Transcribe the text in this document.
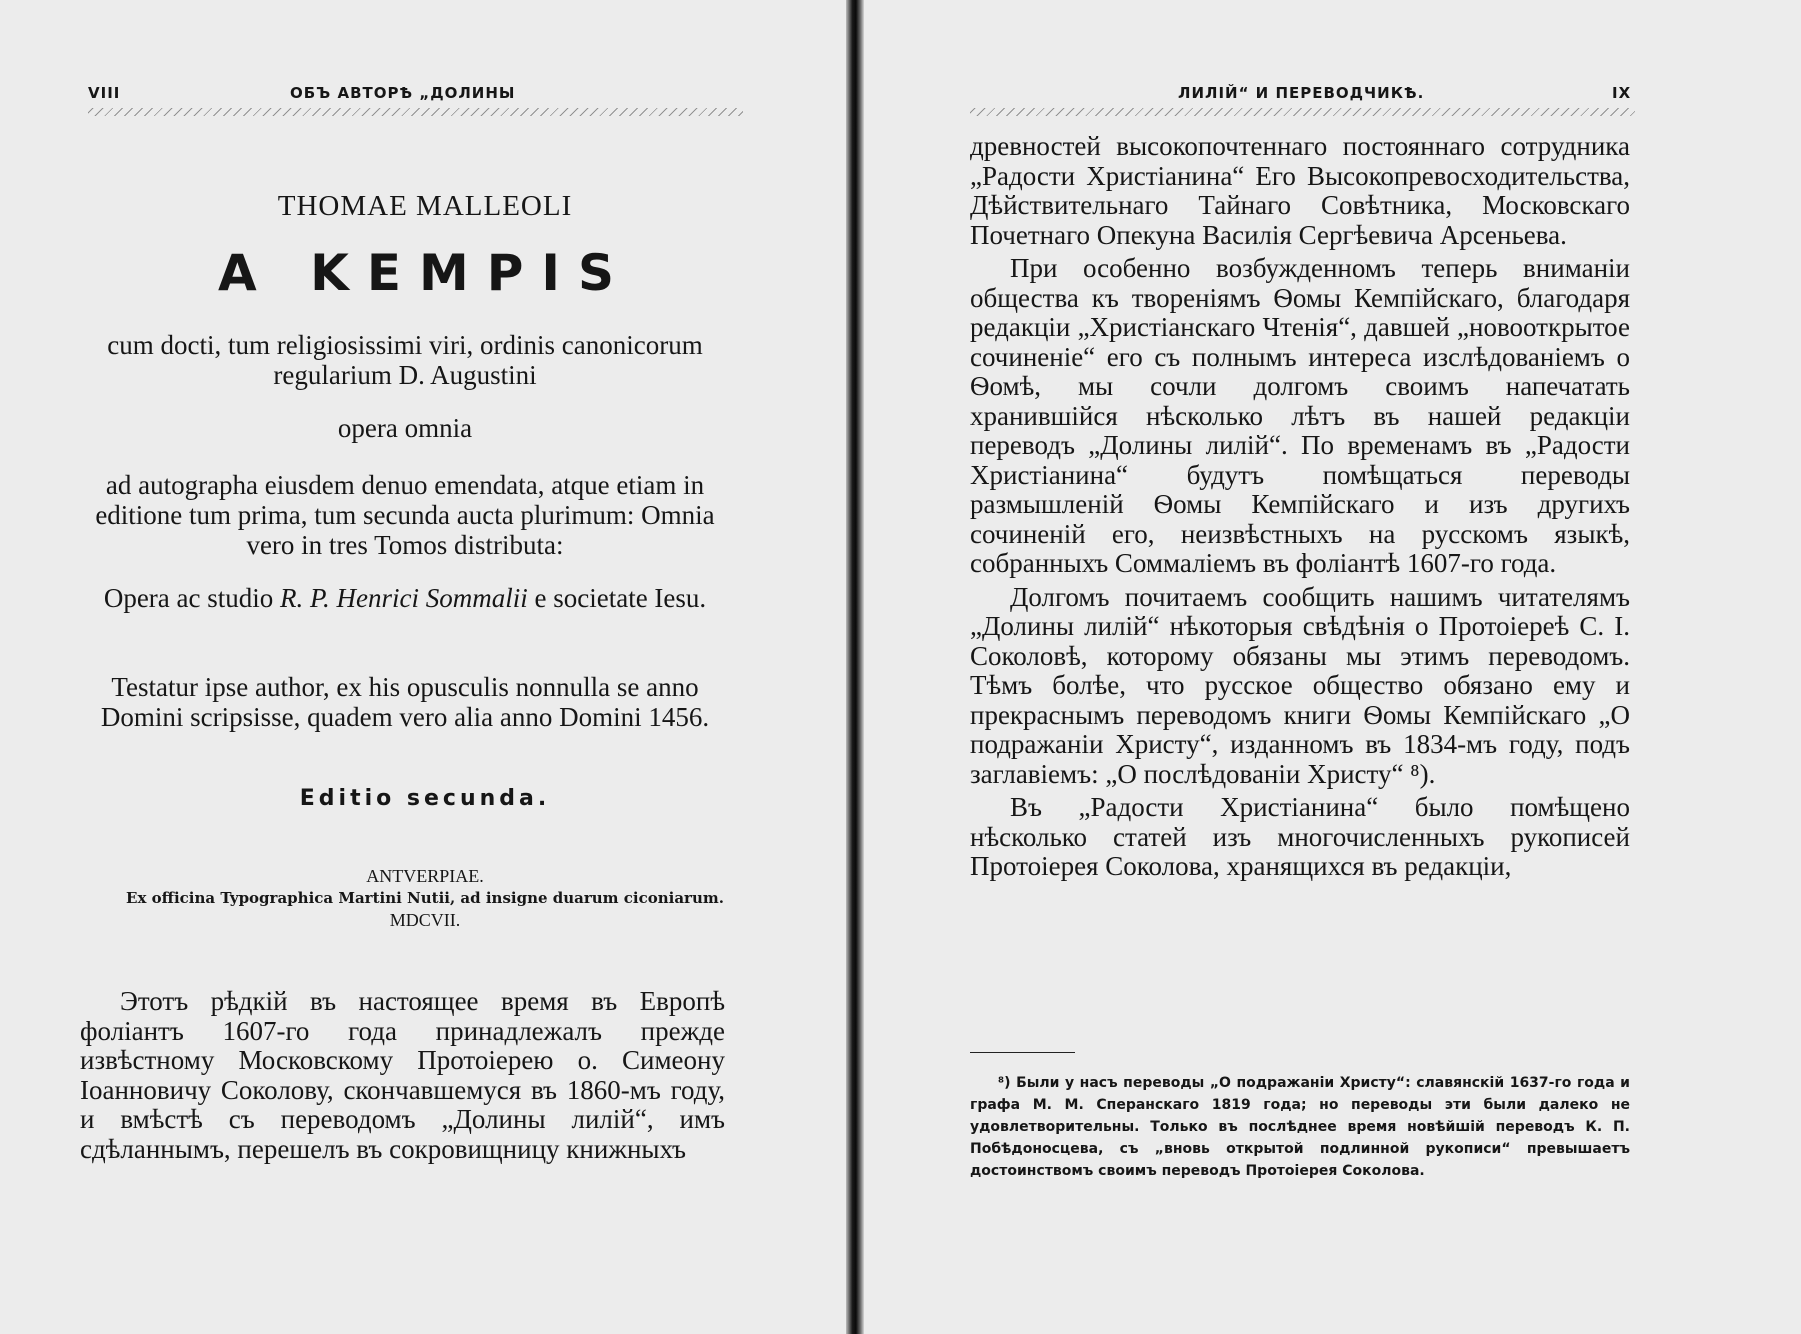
VIII	ОБЪ АВТОРѢ „ДОЛИНЫ
THOMAE MALLEOLI
A KEMPIS
cum docti, tum religiosissimi viri, ordinis canonicorum regularium D. Augustini
opera omnia
ad autographa eiusdem denuo emendata, atque etiam in editione tum prima, tum secunda aucta plurimum: Omnia vero in tres Tomos distributa:
Opera ac studio R. P. Henrici Sommalii e societate Iesu.
Testatur ipse author, ex his opusculis nonnulla se anno Domini scripsisse, quadem vero alia anno Domini 1456.
Editio secunda.
ANTVERPIAE.
Ex officina Typographica Martini Nutii, ad insigne duarum ciconiarum.
MDCVII.

Этотъ рѣдкій въ настоящее время въ Европѣ фоліантъ 1607-го года принадлежалъ прежде извѣстному Московскому Протоіерею о. Симеону Іоанновичу Соколову, скончавшемуся въ 1860-мъ году, и вмѣстѣ съ переводомъ „Долины лилій“, имъ сдѣланнымъ, перешелъ въ сокровищницу книжныхъ

ЛИЛІЙ“ И ПЕРЕВОДЧИКѢ.	IX

древностей высокопочтеннаго постояннаго сотрудника „Радости Христіанина“ Его Высокопревосходительства, Дѣйствительнаго Тайнаго Совѣтника, Московскаго Почетнаго Опекуна Василія Сергѣевича Арсеньева.

При особенно возбужденномъ теперь вниманіи общества къ твореніямъ Ѳомы Кемпійскаго, благодаря редакціи „Христіанскаго Чтенія“, давшей „новооткрытое сочиненіе“ его съ полнымъ интереса изслѣдованіемъ о Ѳомѣ, мы сочли долгомъ своимъ напечатать хранившійся нѣсколько лѣтъ въ нашей редакціи переводъ „Долины лилій“. По временамъ въ „Радости Христіанина“ будутъ помѣщаться переводы размышленій Ѳомы Кемпійскаго и изъ другихъ сочиненій его, неизвѣстныхъ на русскомъ языкѣ, собранныхъ Соммаліемъ въ фоліантѣ 1607-го года.

Долгомъ почитаемъ сообщить нашимъ читателямъ „Долины лилій“ нѣкоторыя свѣдѣнія о Протоіереѣ С. І. Соколовѣ, которому обязаны мы этимъ переводомъ. Тѣмъ болѣе, что русское общество обязано ему и прекраснымъ переводомъ книги Ѳомы Кемпійскаго „О подражаніи Христу“, изданномъ въ 1834-мъ году, подъ заглавіемъ: „О послѣдованіи Христу“ ⁸).

Въ „Радости Христіанина“ было помѣщено нѣсколько статей изъ многочисленныхъ рукописей Протоіерея Соколова, хранящихся въ редакціи,

⁸) Были у насъ переводы „О подражаніи Христу“: славянскій 1637-го года и графа М. М. Сперанскаго 1819 года; но переводы эти были далеко не удовлетворительны. Только въ послѣднее время новѣйшій переводъ К. П. Побѣдоносцева, съ „вновь открытой подлинной рукописи“ превышаетъ достоинствомъ своимъ переводъ Протоіерея Соколова.
